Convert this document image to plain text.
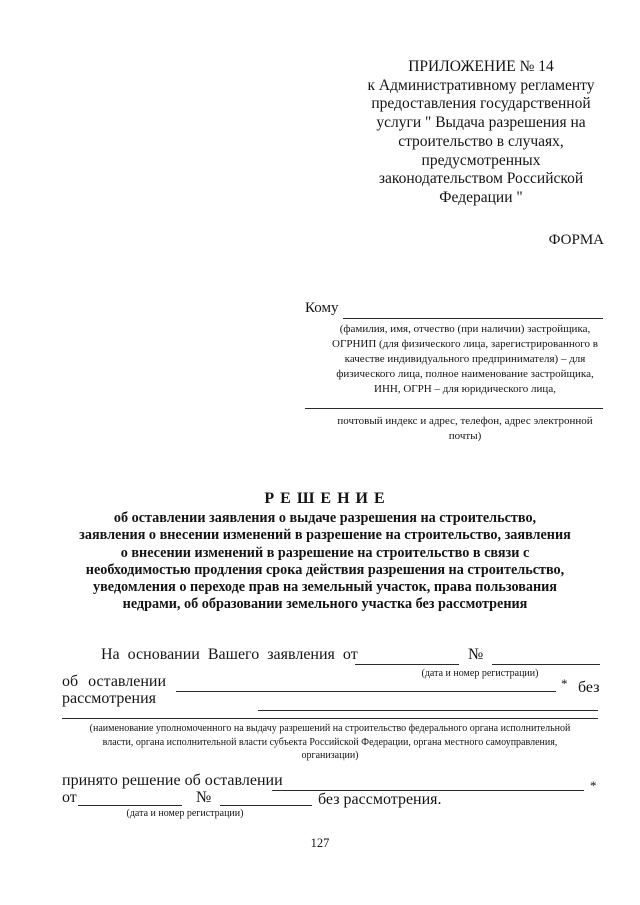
ПРИЛОЖЕНИЕ № 14
к Административному регламенту
предоставления государственной
услуги " Выдача разрешения на
строительство в случаях,
предусмотренных
законодательством Российской
Федерации "
ФОРМА
Кому
(фамилия, имя, отчество (при наличии) застройщика,
ОГРНИП (для физического лица, зарегистрированного в
качестве индивидуального предпринимателя) – для
физического лица, полное наименование застройщика,
ИНН, ОГРН – для юридического лица,
почтовый индекс и адрес, телефон, адрес электронной
почты)
Р Е Ш Е Н И Е
об оставлении заявления о выдаче разрешения на строительство,
заявления о внесении изменений в разрешение на строительство, заявления
о внесении изменений в разрешение на строительство в связи с
необходимостью продления срока действия разрешения на строительство,
уведомления о переходе прав на земельный участок, права пользования
недрами, об образовании земельного участка без рассмотрения
На основании Вашего заявления от	№
(дата и номер регистрации)
об оставлении	* без
рассмотрения
(наименование уполномоченного на выдачу разрешений на строительство федерального органа исполнительной
власти, органа исполнительной власти субъекта Российской Федерации, органа местного самоуправления,
организации)
принято решение об оставлении	*
от	№	без рассмотрения.
(дата и номер регистрации)
127
